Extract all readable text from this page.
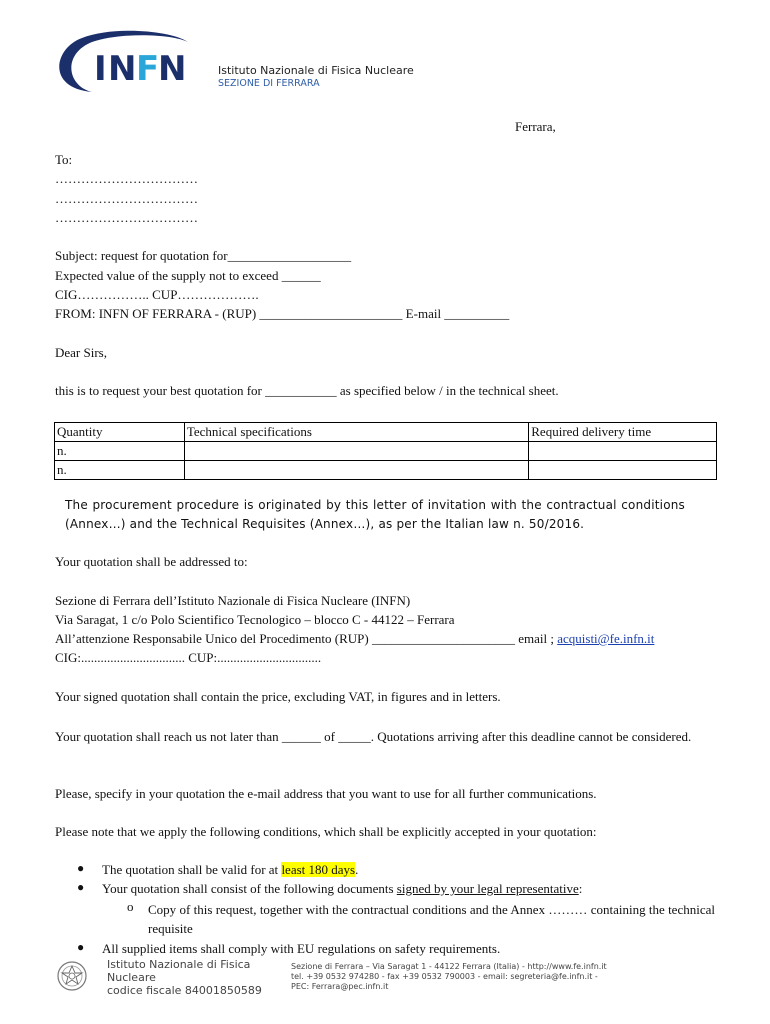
I N F
N	Istituto Nazionale di Fisica Nucleare
SEZIONE DI FERRARA
Ferrara,
To:
……………………………
……………………………
……………………………
Subject: request for quotation for___________________
Expected value of the supply not to exceed ______
CIG…………….. CUP……………….
FROM: INFN OF FERRARA - (RUP) ______________________ E-mail __________
Dear Sirs,
this is to request your best quotation for ___________ as specified below / in the technical sheet.
Quantity	Technical specifications	Required delivery time
n.		
n.		
The procurement procedure is originated by this letter of invitation with the contractual conditions (Annex…) and the Technical Requisites (Annex…), as per the Italian law n. 50/2016.
Your quotation shall be addressed to:
Sezione di Ferrara dell’Istituto Nazionale di Fisica Nucleare (INFN)
Via Saragat, 1 c/o Polo Scientifico Tecnologico – blocco C - 44122 – Ferrara
All’attenzione Responsabile Unico del Procedimento (RUP) ______________________ email ; acquisti@fe.infn.it
CIG:................................ CUP:................................
Your signed quotation shall contain the price, excluding VAT, in figures and in letters.
Your quotation shall reach us not later than ______ of _____. Quotations arriving after this deadline cannot be considered.
Please, specify in your quotation the e-mail address that you want to use for all further communications.
Please note that we apply the following conditions, which shall be explicitly accepted in your quotation:
● The quotation shall be valid for at least 180 days.
● Your quotation shall consist of the following documents signed by your legal representative:
o Copy of this request, together with the contractual conditions and the Annex ……… containing the technical requisite
● All supplied items shall comply with EU regulations on safety requirements.
Istituto Nazionale di Fisica
Nucleare
codice fiscale 84001850589
Sezione di Ferrara – Via Saragat 1 - 44122 Ferrara (Italia) - http://www.fe.infn.it
tel. +39 0532 974280 - fax +39 0532 790003 - email: segreteria@fe.infn.it -
PEC: Ferrara@pec.infn.it
